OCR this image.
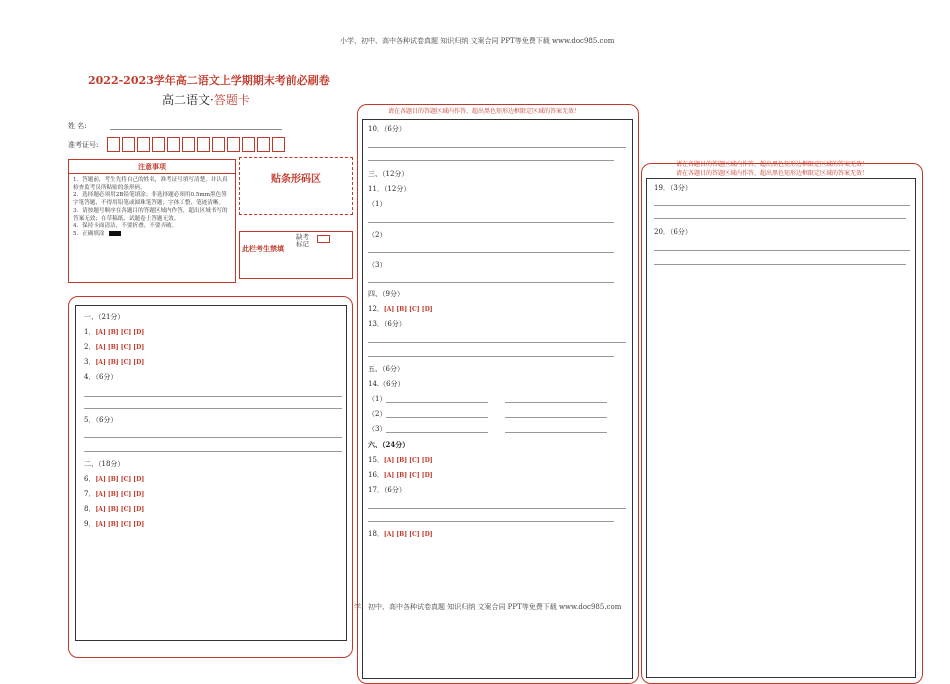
小学、初中、高中各种试卷真题 知识归纳 文案合同 PPT等免费下载 www.doc985.com
学、初中、高中各种试卷真题 知识归纳 文案合同 PPT等免费下载 www.doc985.com
2022-2023学年高二语文上学期期末考前必刷卷
高二语文·答题卡
姓 名:
准考证号:
注意事项
1．答题前，考生先将自己的姓名，准考证号填写清楚，并认真检查监考员所粘贴的条形码。
2．选择题必须用2B铅笔填涂；非选择题必须用0.5mm黑色签字笔答题，不得用铅笔或圆珠笔答题；字体工整、笔迹清晰。
3．请按题号顺序在各题目的答题区域内作答，超出区域书写的答案无效；在草稿纸、试题卷上答题无效。
4．保持卡面清洁，不要折叠、不要弄破。
5．正确填涂
贴条形码区
此栏考生禁填
缺考
标记
一、（21分）
1．[A] [B] [C] [D]
2．[A] [B] [C] [D]
3．[A] [B] [C] [D]
4．（6分）
5．（6分）
二、（18分）
6．[A] [B] [C] [D]
7．[A] [B] [C] [D]
8．[A] [B] [C] [D]
9．[A] [B] [C] [D]
请在各题目的答题区域内作答，超出黑色矩形边框限定区域的答案无效！
10．（6分）
三、（12分）
11．（12分）
（1）
（2）
（3）
四、（9分）
12．[A] [B] [C] [D]
13．（6分）
五、（6分）
14.（6分）
（1）
（2）
（3）
六、（24分）
15．[A] [B] [C] [D]
16．[A] [B] [C] [D]
17．（6分）
18．[A] [B] [C] [D]
请在各题目的答题区域内作答，超出黑色矩形边框限定区域的答案无效！
请在各题目的答题区域内作答，超出黑色矩形边框限定区域的答案无效！
19．（3分）
20．（6分）
